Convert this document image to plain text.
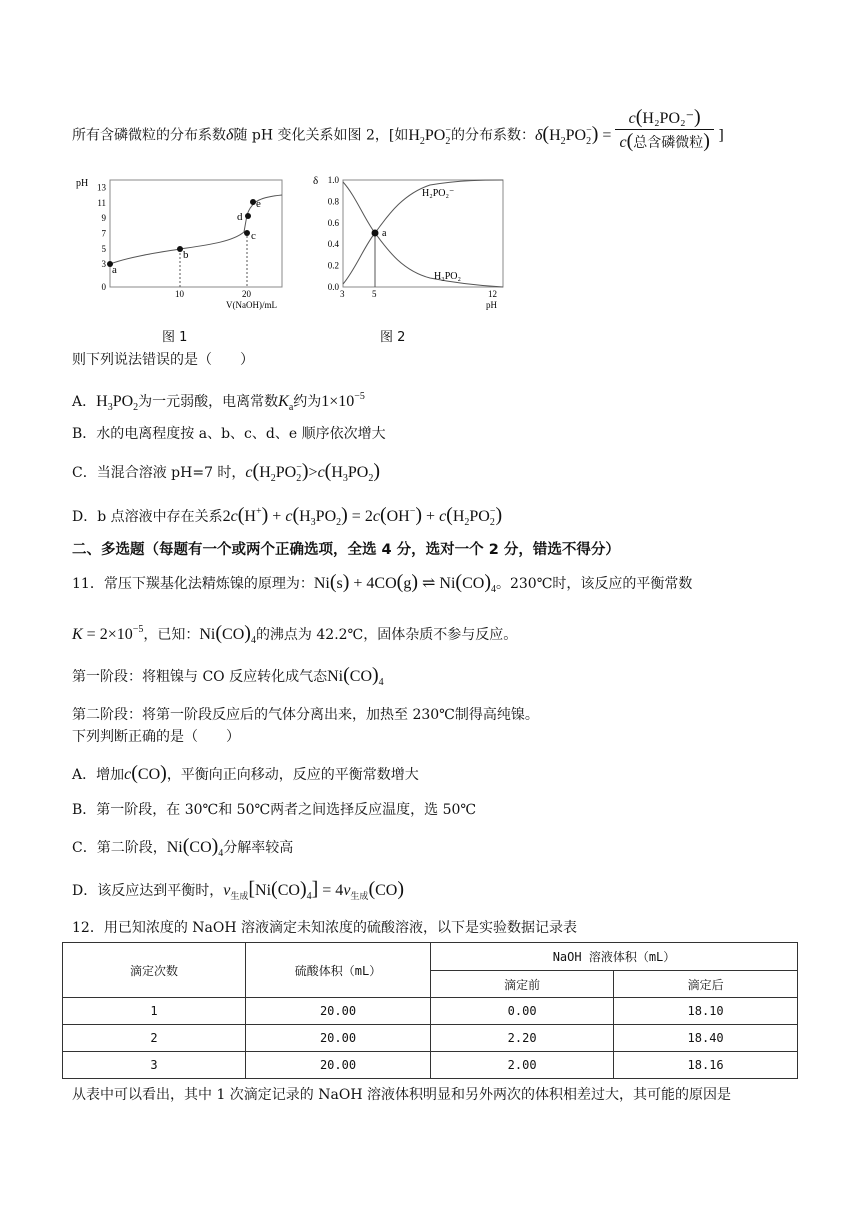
所有含磷微粒的分布系数δ随 pH 变化关系如图 2，[如$H_2PO_2^-$的分布系数：$\delta(H_2PO_2^-) = \frac{\text{c(H₂PO₂⁻)}}{\text{c(总含磷微粒)}}$ ]
pH
0
3
5
7
9
11
13
a
b
c
d
e
10	20
V(NaOH)/mL
δ
0.0
0.2
0.4
0.6
0.8
1.0
a
H₂PO₂⁻
H₃PO₂
3	5	12
pH
图 1	图 2
则下列说法错误的是（　　）
A．$H_3PO_2$为一元弱酸，电离常数$K_a$约为$1\times 10^{-5}$
B．水的电离程度按 a、b、c、d、e 顺序依次增大
C．当混合溶液 pH=7 时，$c(H_2PO_2^-)>c(H_3PO_2)$
D．b 点溶液中存在关系$2c(H^+) + c(H_3PO_2) = 2c(OH^-) + c(H_2PO_2^-)$
二、多选题（每题有一个或两个正确选项，全选 4 分，选对一个 2 分，错选不得分）
11．常压下羰基化法精炼镍的原理为：Ni(s) + 4CO(g) ⇌ $Ni(CO)_4$。230℃时，该反应的平衡常数
$K = 2\times 10^{-5}$，已知：$Ni(CO)_4$的沸点为 42.2℃，固体杂质不参与反应。
第一阶段：将粗镍与 CO 反应转化成气态$Ni(CO)_4$
第二阶段：将第一阶段反应后的气体分离出来，加热至 230℃制得高纯镍。
下列判断正确的是（　　）
A．增加c(CO)，平衡向正向移动，反应的平衡常数增大
B．第一阶段，在 30℃和 50℃两者之间选择反应温度，选 50℃
C．第二阶段，$Ni(CO)_4$分解率较高
D．该反应达到平衡时，$v_{生成}[Ni(CO)_4] = 4v_{生成}(CO)$
12．用已知浓度的 NaOH 溶液滴定未知浓度的硫酸溶液，以下是实验数据记录表
滴定次数	硫酸体积（mL）	NaOH 溶液体积（mL）	
		滴定前	滴定后
1	20.00	0.00	18.10
2	20.00	2.20	18.40
3	20.00	2.00	18.16
从表中可以看出，其中 1 次滴定记录的 NaOH 溶液体积明显和另外两次的体积相差过大，其可能的原因是
